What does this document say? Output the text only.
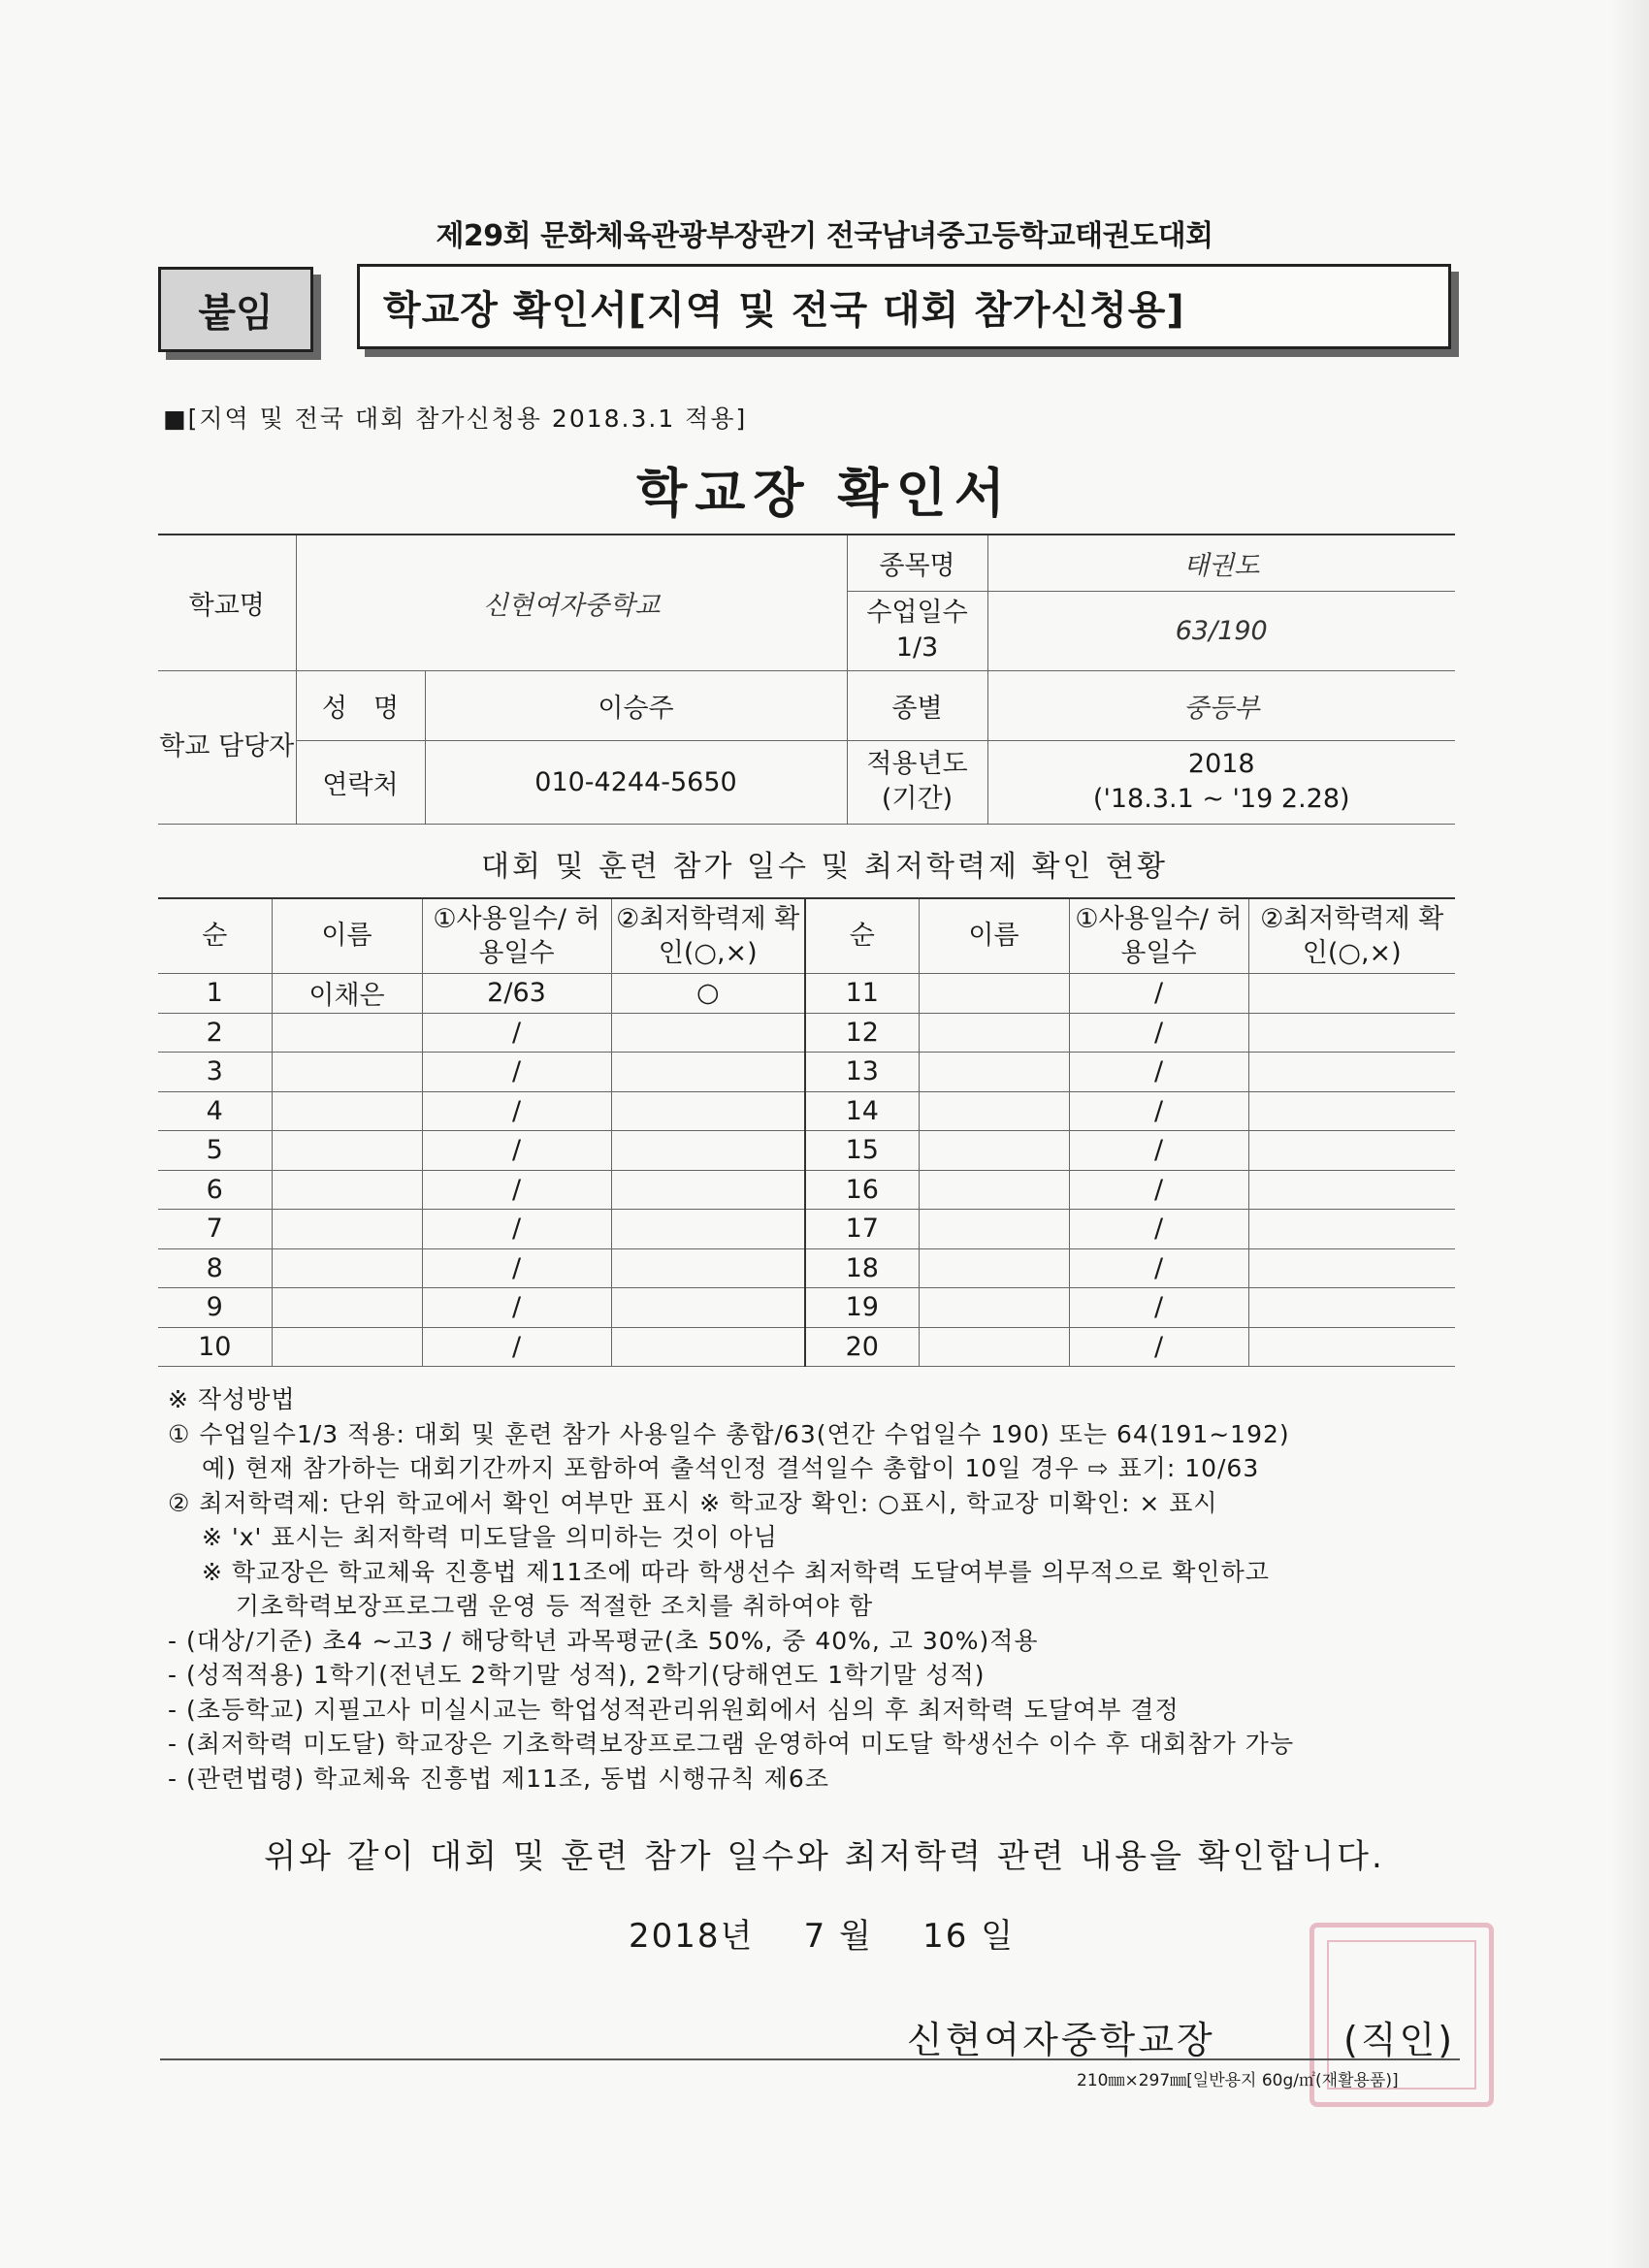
제29회 문화체육관광부장관기 전국남녀중고등학교태권도대회
붙임	학교장 확인서[지역 및 전국 대회 참가신청용]
■[지역 및 전국 대회 참가신청용 2018.3.1 적용]
학교장 확인서
학교명	신현여자중학교		종목명	태권도
			수업일수 1/3	63/190
학교 담당자	성　명	이승주	종별	중등부
	연락처	010-4244-5650	적용년도 (기간)	2018
('18.3.1 ~ '19 2.28)
대회 및 훈련 참가 일수 및 최저학력제 확인 현황
순	이름	①사용일수/ 허용일수	②최저학력제 확인(○,×)	순	이름	①사용일수/ 허용일수	②최저학력제 확인(○,×)
1	이채은	2/63	○	11		/	
2		/		12		/	
3		/		13		/	
4		/		14		/	
5		/		15		/	
6		/		16		/	
7		/		17		/	
8		/		18		/	
9		/		19		/	
10		/		20		/	
※ 작성방법
① 수업일수1/3 적용: 대회 및 훈련 참가 사용일수 총합/63(연간 수업일수 190) 또는 64(191~192)
　 예) 현재 참가하는 대회기간까지 포함하여 출석인정 결석일수 총합이 10일 경우 ⇨ 표기: 10/63
② 최저학력제: 단위 학교에서 확인 여부만 표시 ※ 학교장 확인: ○표시, 학교장 미확인: × 표시
　 ※ 'x' 표시는 최저학력 미도달을 의미하는 것이 아님
　 ※ 학교장은 학교체육 진흥법 제11조에 따라 학생선수 최저학력 도달여부를 의무적으로 확인하고
　 　 기초학력보장프로그램 운영 등 적절한 조치를 취하여야 함
- (대상/기준) 초4 ~고3 / 해당학년 과목평균(초 50%, 중 40%, 고 30%)적용
- (성적적용) 1학기(전년도 2학기말 성적), 2학기(당해연도 1학기말 성적)
- (초등학교) 지필고사 미실시교는 학업성적관리위원회에서 심의 후 최저학력 도달여부 결정
- (최저학력 미도달) 학교장은 기초학력보장프로그램 운영하여 미도달 학생선수 이수 후 대회참가 가능
- (관련법령) 학교체육 진흥법 제11조, 동법 시행규칙 제6조
위와 같이 대회 및 훈련 참가 일수와 최저학력 관련 내용을 확인합니다.
2018년 7 월 16 일
신현여자중학교장	(직인)
210㎜×297㎜[일반용지 60g/㎡(재활용품)]
